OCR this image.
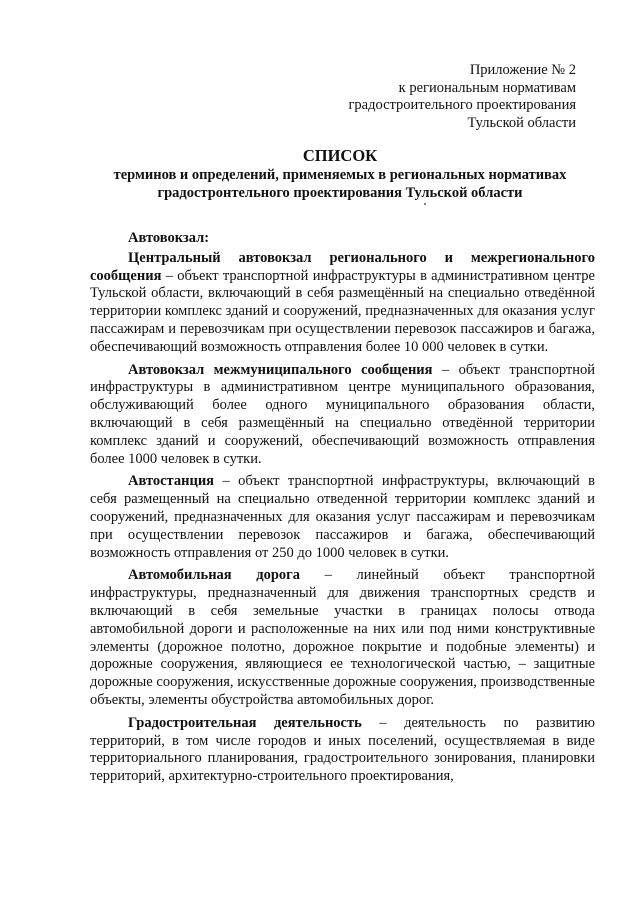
Приложение № 2
к региональным нормативам
градостроительного проектирования
Тульской области
СПИСОК
терминов и определений, применяемых в региональных нормативах
градостронтельного проектирования Тульской области

Автовокзал:

Центральный автовокзал регионального и межрегионального сообщения – объект транспортной инфраструктуры в административном центре Тульской области, включающий в себя размещённый на специально отведённой территории комплекс зданий и сооружений, предназначенных для оказания услуг пассажирам и перевозчикам при осуществлении перевозок пассажиров и багажа, обеспечивающий возможность отправления более 10 000 человек в сутки.

Автовокзал межмуниципального сообщения – объект транспортной инфраструктуры в административном центре муниципального образования, обслуживающий более одного муниципального образования области, включающий в себя размещённый на специально отведённой территории комплекс зданий и сооружений, обеспечивающий возможность отправления более 1000 человек в сутки.

Автостанция – объект транспортной инфраструктуры, включающий в себя размещенный на специально отведенной территории комплекс зданий и сооружений, предназначенных для оказания услуг пассажирам и перевозчикам при осуществлении перевозок пассажиров и багажа, обеспечивающий возможность отправления от 250 до 1000 человек в сутки.

Автомобильная дорога – линейный объект транспортной инфраструктуры, предназначенный для движения транспортных средств и включающий в себя земельные участки в границах полосы отвода автомобильной дороги и расположенные на них или под ними конструктивные элементы (дорожное полотно, дорожное покрытие и подобные элементы) и дорожные сооружения, являющиеся ее технологической частью, – защитные дорожные сооружения, искусственные дорожные сооружения, производственные объекты, элементы обустройства автомобильных дорог.

Градостроительная деятельность – деятельность по развитию территорий, в том числе городов и иных поселений, осуществляемая в виде территориального планирования, градостроительного зонирования, планировки территорий, архитектурно-строительного проектирования,
